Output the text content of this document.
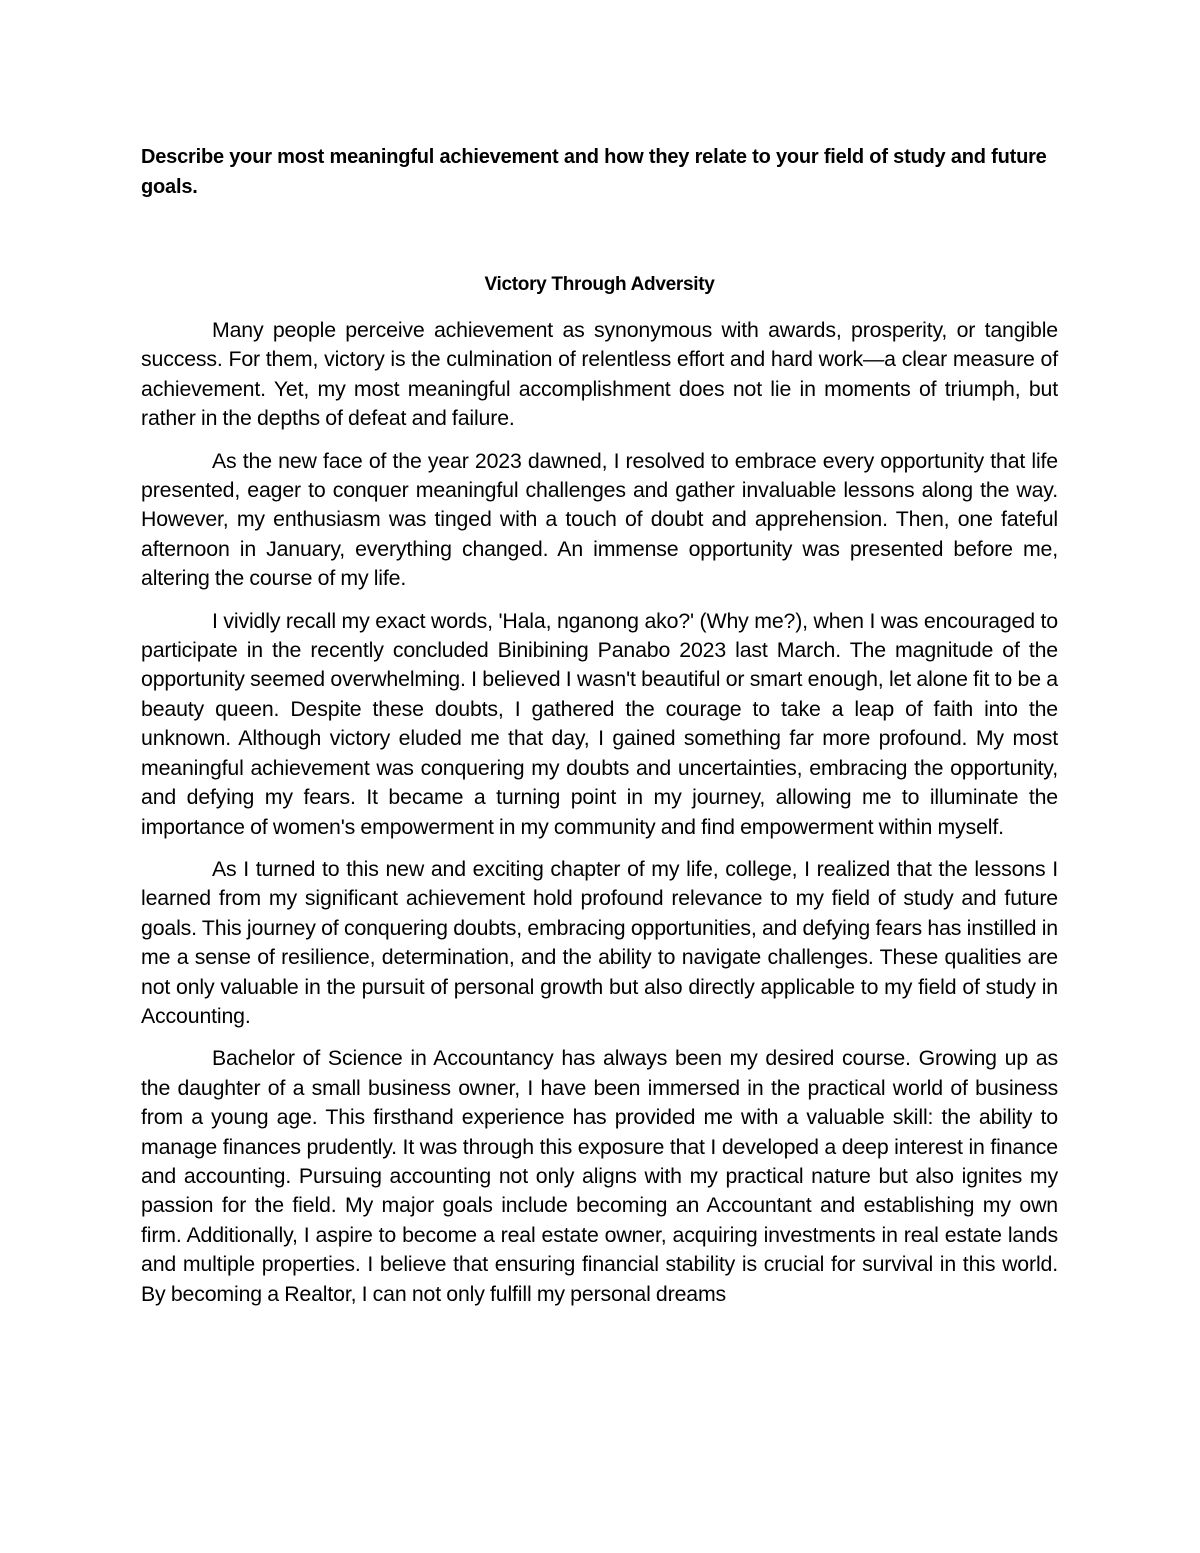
Describe your most meaningful achievement and how they relate to your field of study and future goals.

Victory Through Adversity

Many people perceive achievement as synonymous with awards, prosperity, or tangible success. For them, victory is the culmination of relentless effort and hard work—a clear measure of achievement. Yet, my most meaningful accomplishment does not lie in moments of triumph, but rather in the depths of defeat and failure.

As the new face of the year 2023 dawned, I resolved to embrace every opportunity that life presented, eager to conquer meaningful challenges and gather invaluable lessons along the way. However, my enthusiasm was tinged with a touch of doubt and apprehension. Then, one fateful afternoon in January, everything changed. An immense opportunity was presented before me, altering the course of my life.

I vividly recall my exact words, 'Hala, nganong ako?' (Why me?), when I was encouraged to participate in the recently concluded Binibining Panabo 2023 last March. The magnitude of the opportunity seemed overwhelming. I believed I wasn't beautiful or smart enough, let alone fit to be a beauty queen. Despite these doubts, I gathered the courage to take a leap of faith into the unknown. Although victory eluded me that day, I gained something far more profound. My most meaningful achievement was conquering my doubts and uncertainties, embracing the opportunity, and defying my fears. It became a turning point in my journey, allowing me to illuminate the importance of women's empowerment in my community and find empowerment within myself.

As I turned to this new and exciting chapter of my life, college, I realized that the lessons I learned from my significant achievement hold profound relevance to my field of study and future goals. This journey of conquering doubts, embracing opportunities, and defying fears has instilled in me a sense of resilience, determination, and the ability to navigate challenges. These qualities are not only valuable in the pursuit of personal growth but also directly applicable to my field of study in Accounting.

Bachelor of Science in Accountancy has always been my desired course. Growing up as the daughter of a small business owner, I have been immersed in the practical world of business from a young age. This firsthand experience has provided me with a valuable skill: the ability to manage finances prudently. It was through this exposure that I developed a deep interest in finance and accounting. Pursuing accounting not only aligns with my practical nature but also ignites my passion for the field. My major goals include becoming an Accountant and establishing my own firm. Additionally, I aspire to become a real estate owner, acquiring investments in real estate lands and multiple properties. I believe that ensuring financial stability is crucial for survival in this world. By becoming a Realtor, I can not only fulfill my personal dreams
